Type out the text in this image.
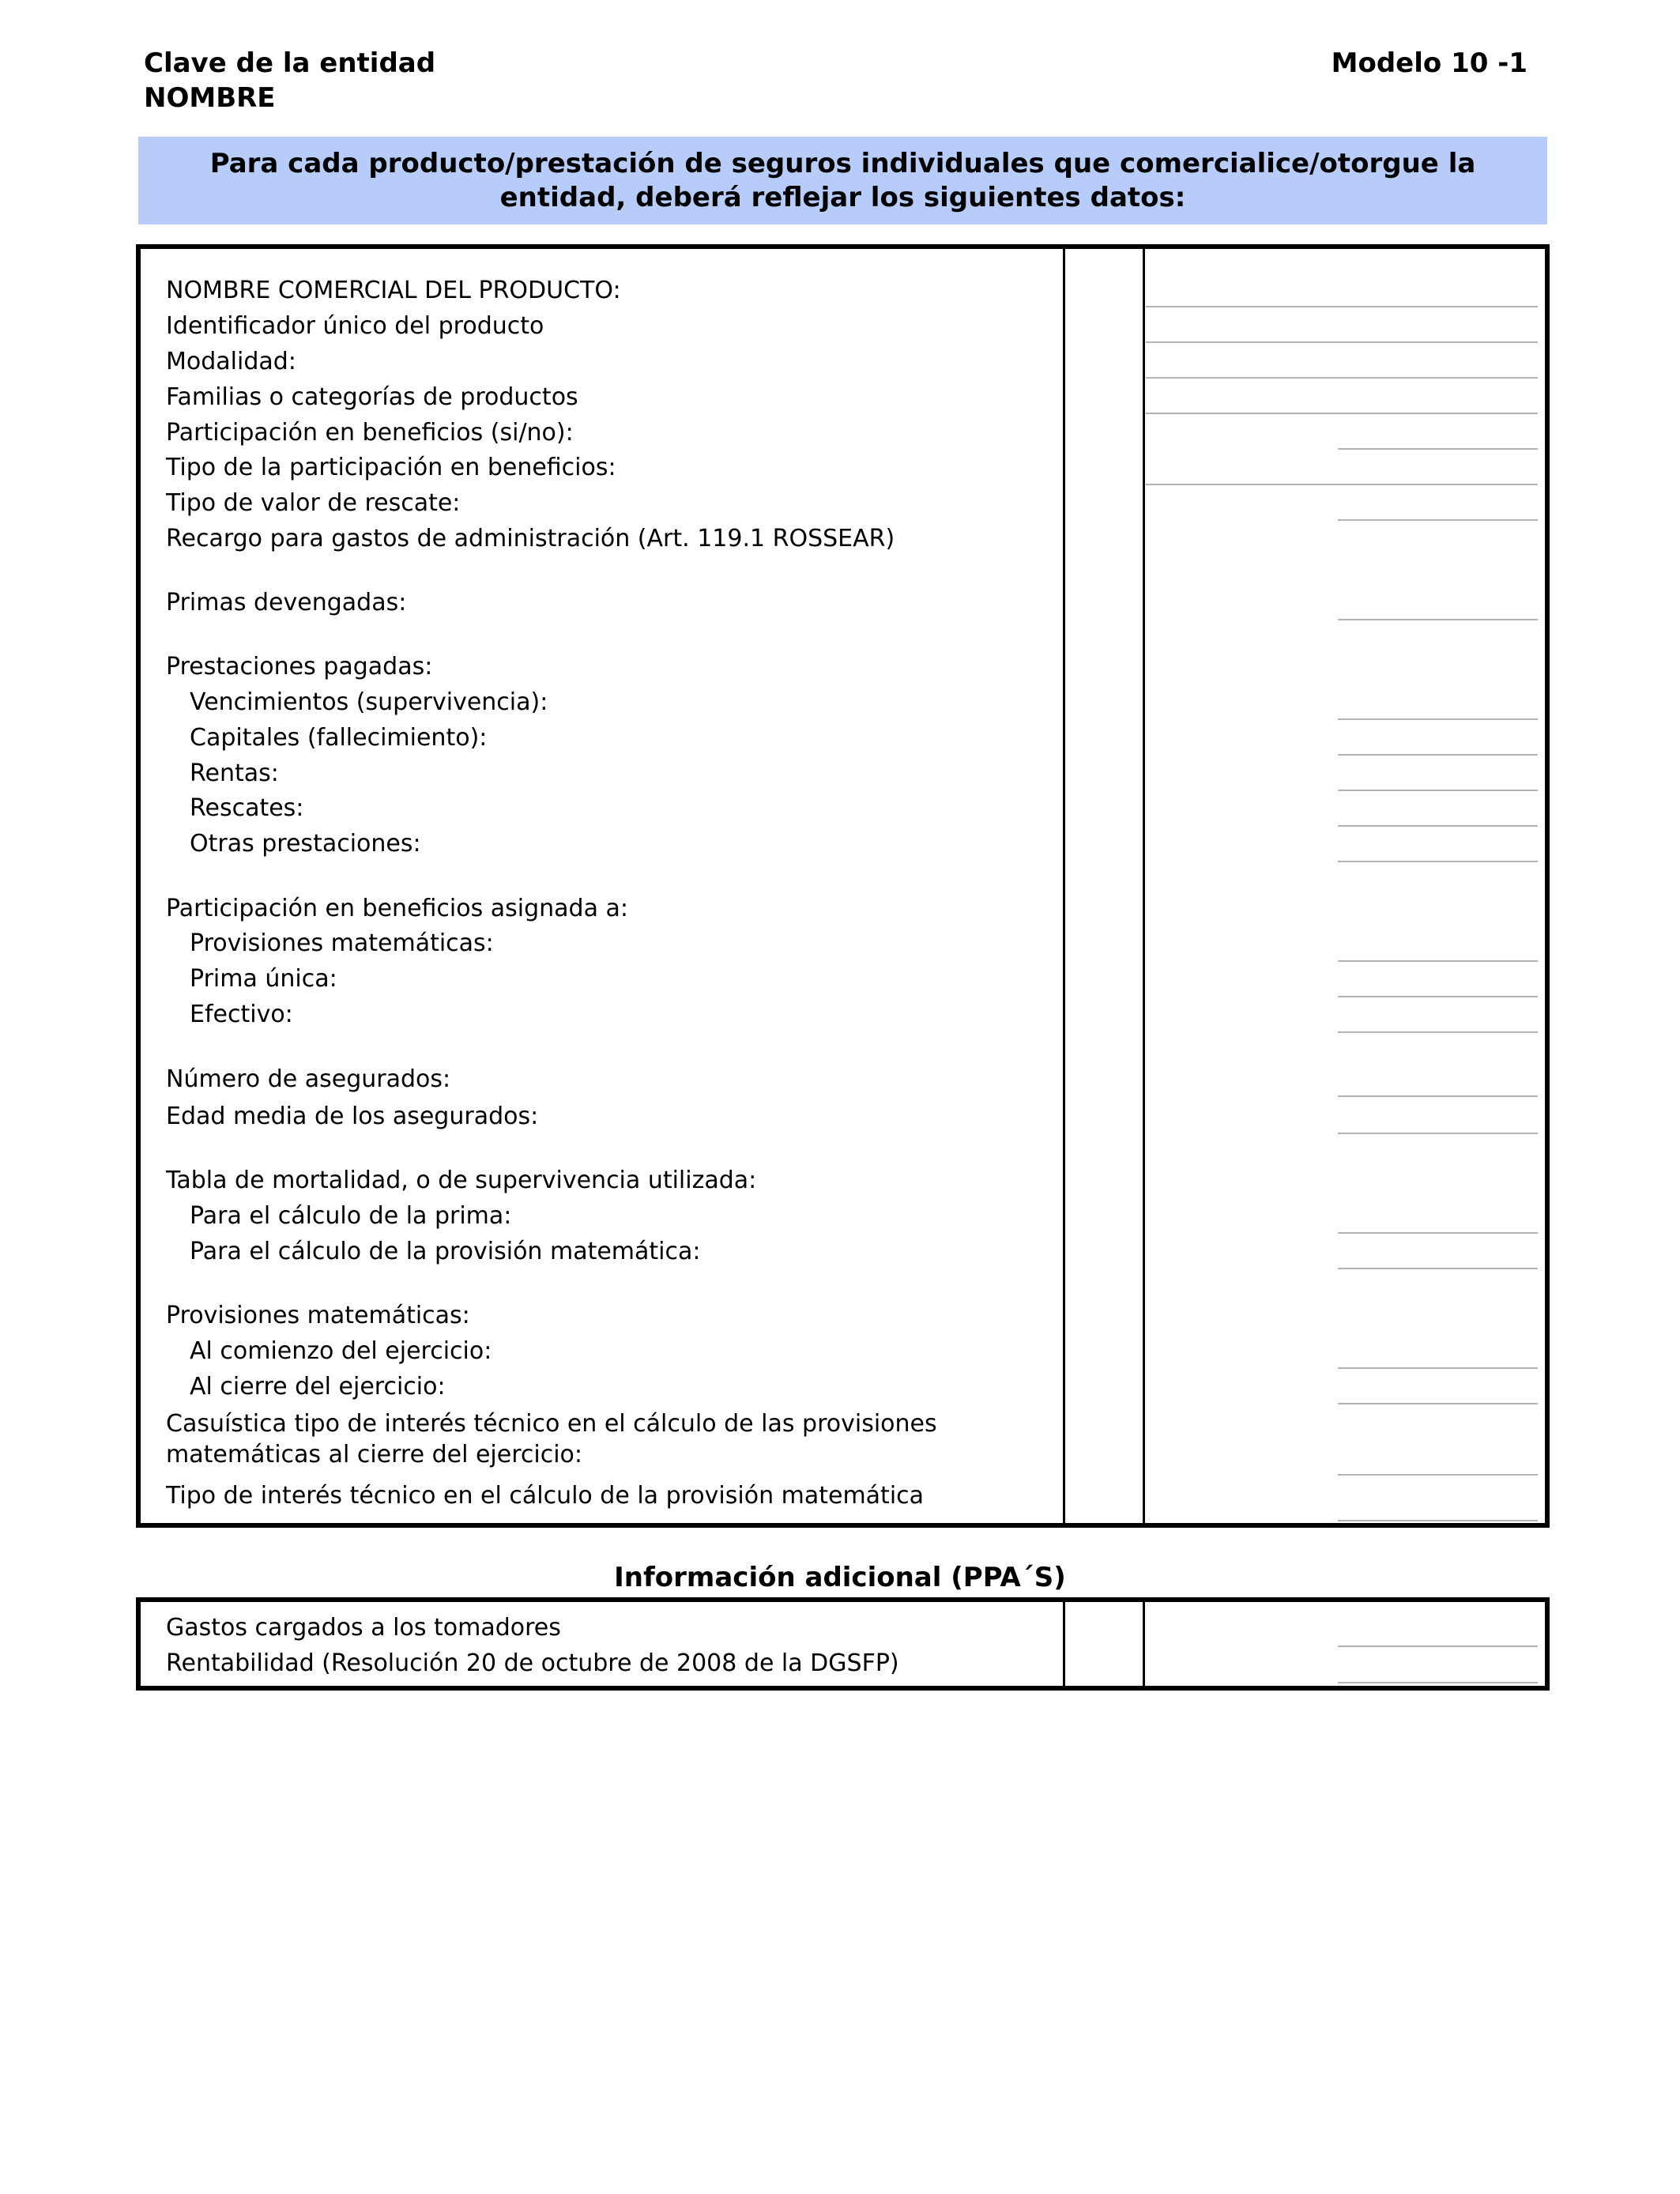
Clave de la entidad
NOMBRE
Modelo 10 -1
Para cada producto/prestación de seguros individuales que comercialice/otorgue la entidad, deberá reflejar los siguientes datos:
NOMBRE COMERCIAL DEL PRODUCTO:
Identificador único del producto
Modalidad:
Familias o categorías de productos
Participación en beneficios (si/no):
Tipo de la participación en beneficios:
Tipo de valor de rescate:
Recargo para gastos de administración (Art. 119.1 ROSSEAR)
Primas devengadas:
Prestaciones pagadas:
Vencimientos (supervivencia):
Capitales (fallecimiento):
Rentas:
Rescates:
Otras prestaciones:
Participación en beneficios asignada a:
Provisiones matemáticas:
Prima única:
Efectivo:
Número de asegurados:
Edad media de los asegurados:
Tabla de mortalidad, o de supervivencia utilizada:
Para el cálculo de la prima:
Para el cálculo de la provisión matemática:
Provisiones matemáticas:
Al comienzo del ejercicio:
Al cierre del ejercicio:
Casuística tipo de interés técnico en el cálculo de las provisiones matemáticas al cierre del ejercicio:
Tipo de interés técnico en el cálculo de la provisión matemática
Información adicional (PPA´S)
Gastos cargados a los tomadores
Rentabilidad (Resolución 20 de octubre de 2008 de la DGSFP)
